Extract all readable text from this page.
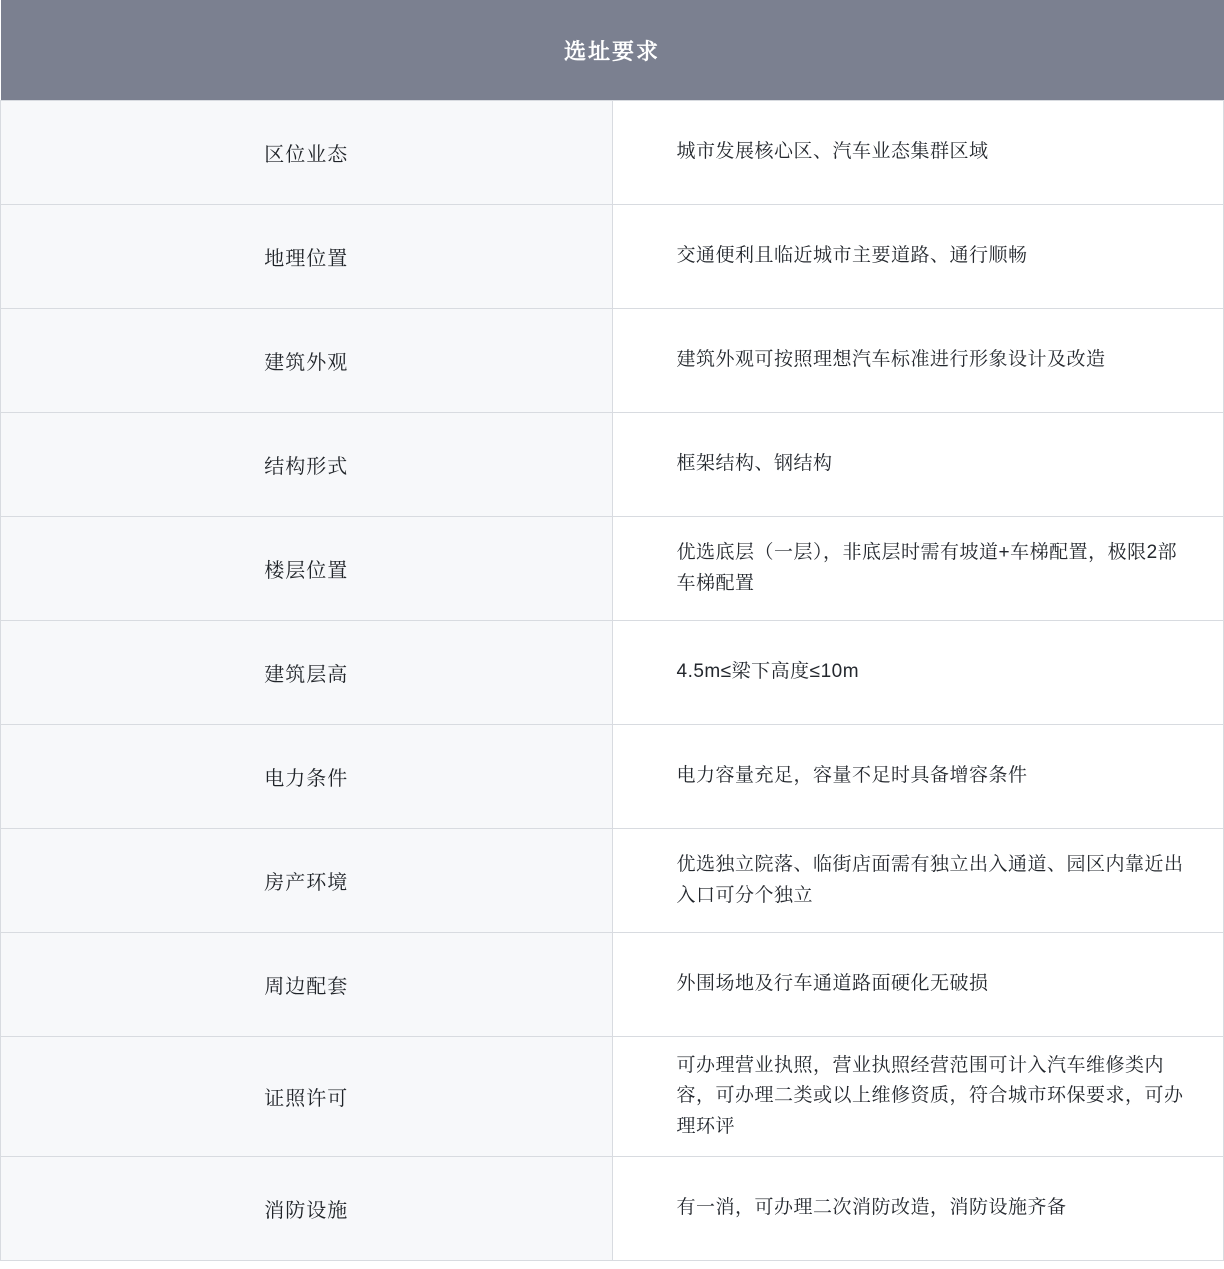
选址要求	
区位业态	城市发展核心区、汽车业态集群区域
地理位置	交通便利且临近城市主要道路、通行顺畅
建筑外观	建筑外观可按照理想汽车标准进行形象设计及改造
结构形式	框架结构、钢结构
楼层位置	优选底层（一层），非底层时需有坡道+车梯配置，极限2部车梯配置
建筑层高	4.5m≤梁下高度≤10m
电力条件	电力容量充足，容量不足时具备增容条件
房产环境	优选独立院落、临街店面需有独立出入通道、园区内靠近出入口可分个独立
周边配套	外围场地及行车通道路面硬化无破损
证照许可	可办理营业执照，营业执照经营范围可计入汽车维修类内容，可办理二类或以上维修资质，符合城市环保要求，可办理环评
消防设施	有一消，可办理二次消防改造，消防设施齐备
